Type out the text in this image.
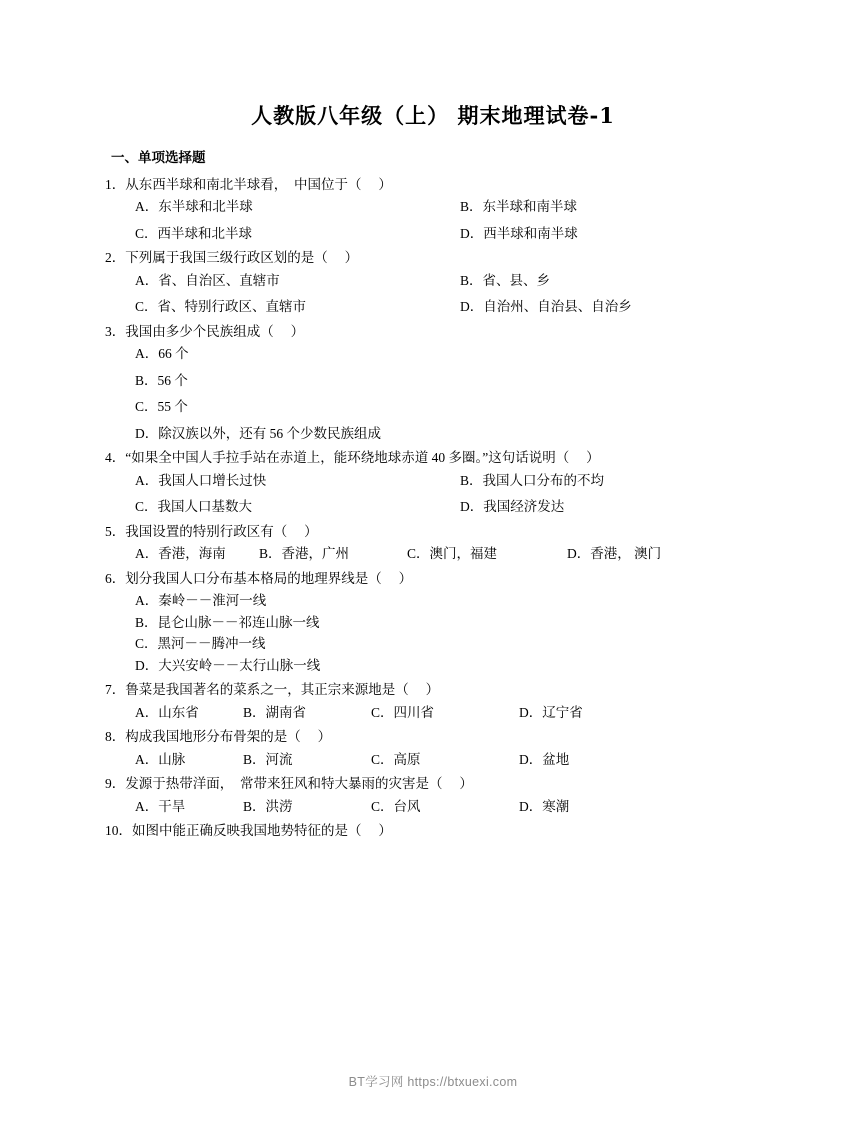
人教版八年级（上） 期末地理试卷-1
一、单项选择题
1．从东西半球和南北半球看，  中国位于（     ）
A．东半球和北半球	B．东半球和南半球
C．西半球和北半球	D．西半球和南半球
2．下列属于我国三级行政区划的是（     ）
A．省、自治区、直辖市	B．省、县、乡
C．省、特别行政区、直辖市	D．自治州、自治县、自治乡
3．我国由多少个民族组成（     ）
A．66 个
B．56 个
C．55 个
D．除汉族以外，还有 56 个少数民族组成
4．“如果全中国人手拉手站在赤道上，能环绕地球赤道 40 多圈。”这句话说明（     ）
A．我国人口增长过快	B．我国人口分布的不均
C．我国人口基数大	D．我国经济发达
5．我国设置的特别行政区有（     ）
A．香港，海南	B．香港，广州	C．澳门，福建	D．香港， 澳门
6．划分我国人口分布基本格局的地理界线是（     ）
A．秦岭－－淮河一线
B．昆仑山脉－－祁连山脉一线
C．黑河－－腾冲一线
D．大兴安岭－－太行山脉一线
7．鲁菜是我国著名的菜系之一，其正宗来源地是（     ）
A．山东省	B．湖南省	C．四川省	D．辽宁省
8．构成我国地形分布骨架的是（     ）
A．山脉	B．河流	C．高原	D．盆地
9．发源于热带洋面，  常带来狂风和特大暴雨的灾害是（     ）
A．干旱	B．洪涝	C．台风	D．寒潮
10．如图中能正确反映我国地势特征的是（     ）
BT学习网 https://btxuexi.com
